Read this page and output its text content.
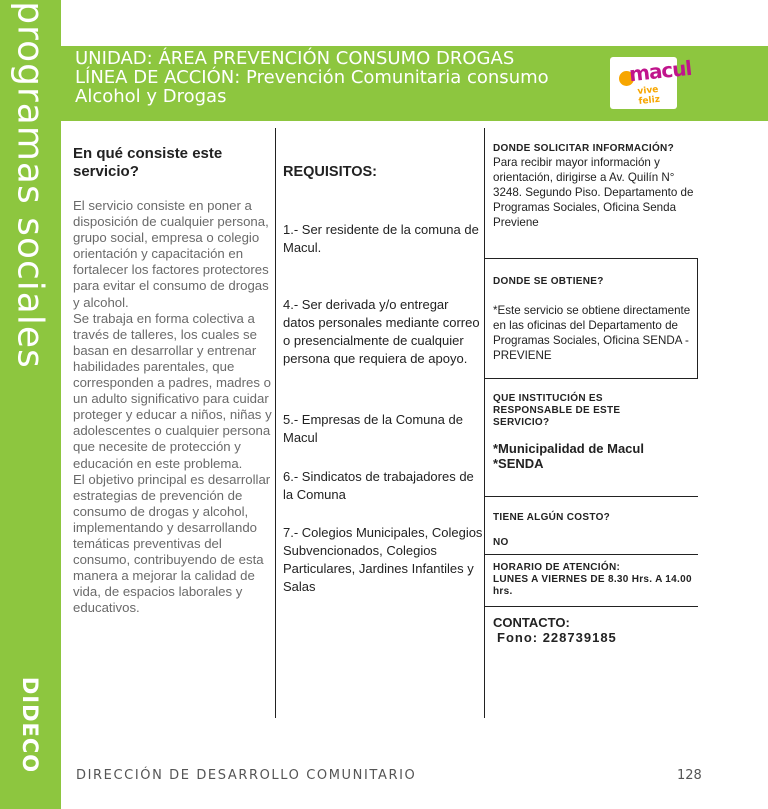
programas sociales
DIDECO
UNIDAD: ÁREA PREVENCIÓN CONSUMO DROGAS
LÍNEA DE ACCIÓN: Prevención Comunitaria consumo
Alcohol y Drogas
macul
vive feliz
En qué consiste este
servicio?

El servicio consiste en poner a disposición de cualquier persona, grupo social, empresa o colegio orientación y capacitación en fortalecer los factores protectores para evitar el consumo de drogas y alcohol.

Se trabaja en forma colectiva a través de talleres, los cuales se basan en desarrollar y entrenar habilidades parentales, que corresponden a padres, madres o un adulto significativo para cuidar proteger y educar a niños, niñas y adolescentes o cualquier persona que necesite de protección y educación en este problema.

El objetivo principal es desarrollar estrategias de prevención de consumo de drogas y alcohol, implementando y desarrollando temáticas preventivas del consumo, contribuyendo de esta manera a mejorar la calidad de vida, de espacios laborales y educativos.

REQUISITOS:
1.- Ser residente de la comuna de Macul.
4.- Ser derivada y/o entregar datos personales mediante correo o presencialmente de cualquier persona que requiera de apoyo.
5.- Empresas de la Comuna de Macul
6.- Sindicatos de trabajadores de la Comuna
7.- Colegios Municipales, Colegios Subvencionados, Colegios Particulares, Jardines Infantiles y Salas
DONDE SOLICITAR INFORMACIÓN?
Para recibir mayor información y orientación, dirigirse a Av. Quilín N° 3248. Segundo Piso. Departamento de Programas Sociales, Oficina Senda Previene
DONDE SE OBTIENE?
*Este servicio se obtiene directamente en las oficinas del Departamento de Programas Sociales, Oficina SENDA - PREVIENE
QUE INSTITUCIÓN ES RESPONSABLE DE ESTE SERVICIO?
*Municipalidad de Macul
*SENDA
TIENE ALGÚN COSTO?
NO
HORARIO DE ATENCIÓN:
LUNES A VIERNES DE 8.30 Hrs. A 14.00 hrs.
CONTACTO:
Fono: 228739185
DIRECCIÓN DE DESARROLLO COMUNITARIO	128
